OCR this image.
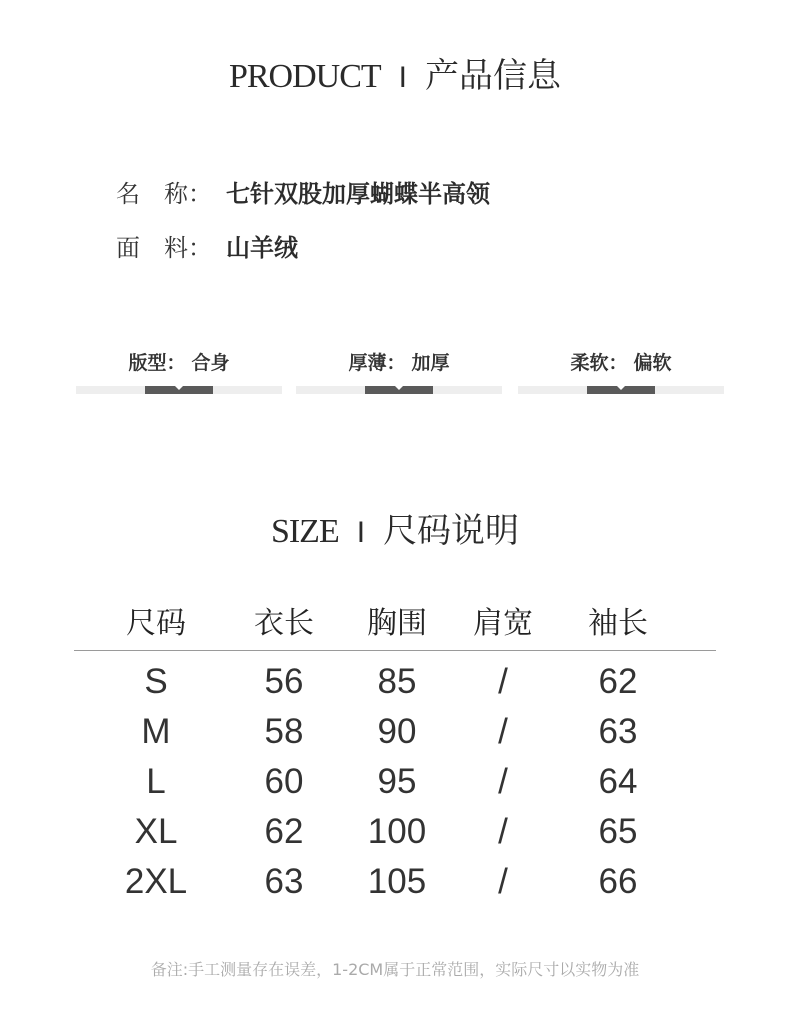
PRODUCT I 产品信息
名　称： 七针双股加厚蝴蝶半高领
面　料： 山羊绒
版型： 合身	厚薄： 加厚	柔软： 偏软
SIZE I 尺码说明
尺码	衣长	胸围	肩宽	袖长
S	56	85	/	62
M	58	90	/	63
L	60	95	/	64
XL	62	100	/	65
2XL	63	105	/	66
备注:手工测量存在误差，1-2CM属于正常范围，实际尺寸以实物为准
